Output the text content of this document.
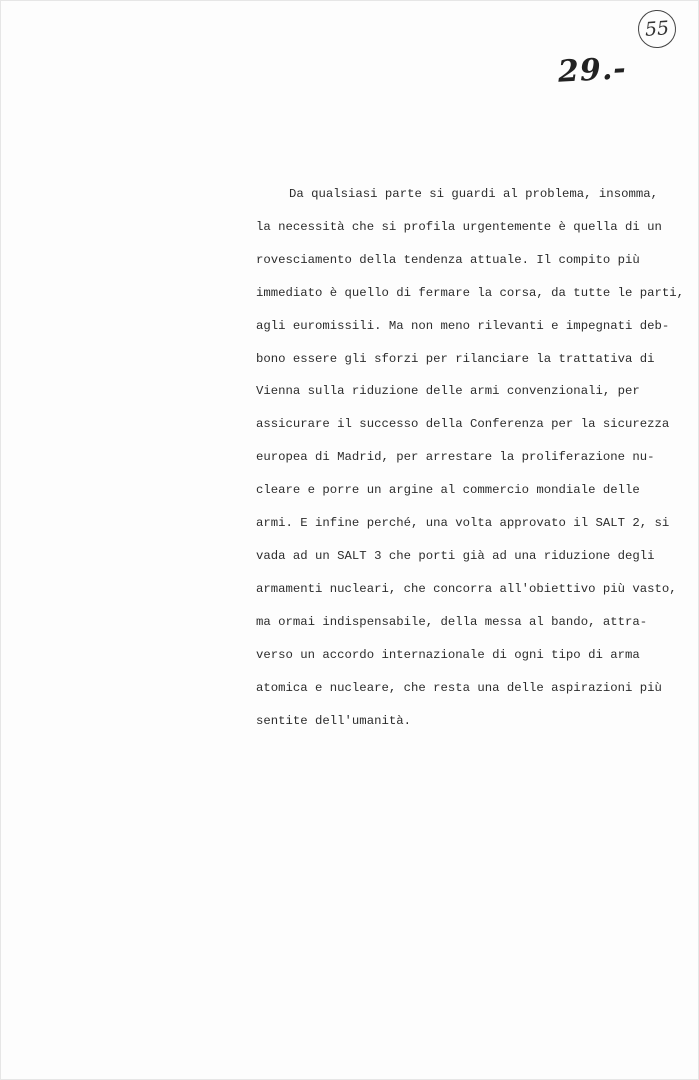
55
29.-

Da qualsiasi parte si guardi al problema, insomma,
la necessità che si profila urgentemente è quella di un
rovesciamento della tendenza attuale. Il compito più
immediato è quello di fermare la corsa, da tutte le parti,
agli euromissili. Ma non meno rilevanti e impegnati deb-
bono essere gli sforzi per rilanciare la trattativa di
Vienna sulla riduzione delle armi convenzionali, per
assicurare il successo della Conferenza per la sicurezza
europea di Madrid, per arrestare la proliferazione nu-
cleare e porre un argine al commercio mondiale delle
armi. E infine perché, una volta approvato il SALT 2, si
vada ad un SALT 3 che porti già ad una riduzione degli
armamenti nucleari, che concorra all'obiettivo più vasto,
ma ormai indispensabile, della messa al bando, attra-
verso un accordo internazionale di ogni tipo di arma
atomica e nucleare, che resta una delle aspirazioni più
sentite dell'umanità.
